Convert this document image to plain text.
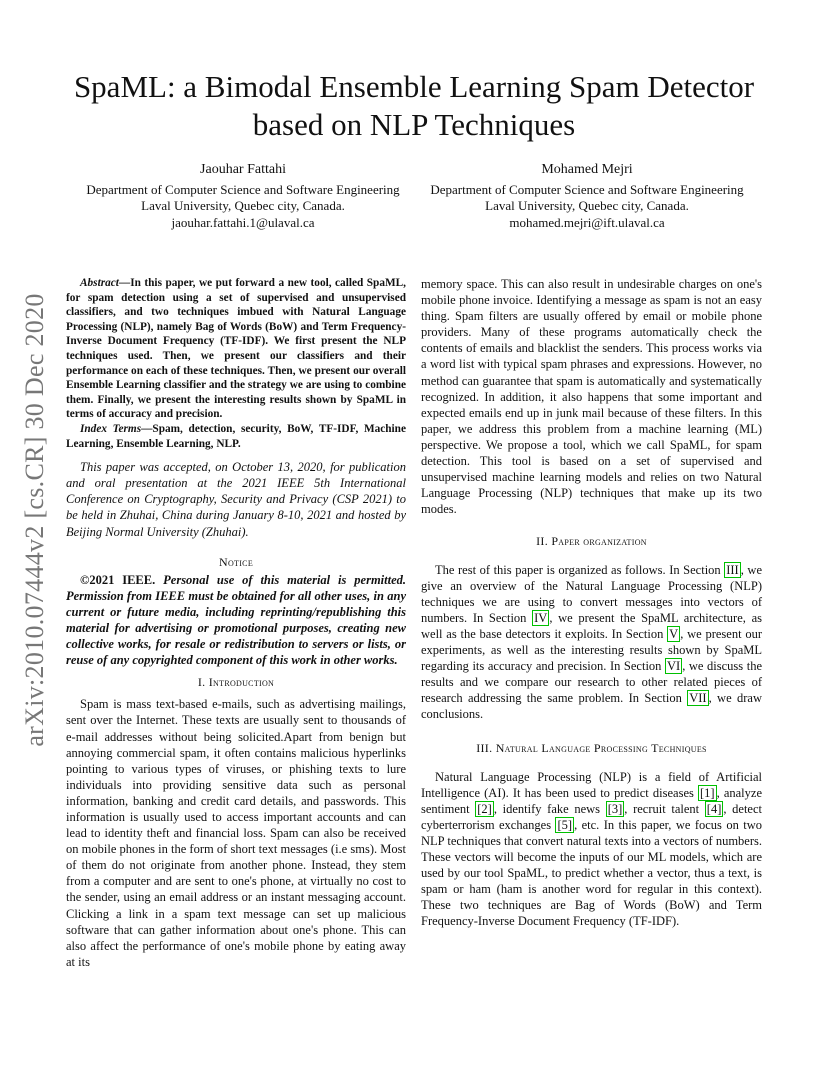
SpaML: a Bimodal Ensemble Learning Spam Detector based on NLP Techniques
Jaouhar Fattahi
Department of Computer Science and Software Engineering
Laval University, Quebec city, Canada.
jaouhar.fattahi.1@ulaval.ca
Mohamed Mejri
Department of Computer Science and Software Engineering
Laval University, Quebec city, Canada.
mohamed.mejri@ift.ulaval.ca
arXiv:2010.07444v2 [cs.CR] 30 Dec 2020

Abstract—In this paper, we put forward a new tool, called SpaML, for spam detection using a set of supervised and unsupervised classifiers, and two techniques imbued with Natural Language Processing (NLP), namely Bag of Words (BoW) and Term Frequency-Inverse Document Frequency (TF-IDF). We first present the NLP techniques used. Then, we present our classifiers and their performance on each of these techniques. Then, we present our overall Ensemble Learning classifier and the strategy we are using to combine them. Finally, we present the interesting results shown by SpaML in terms of accuracy and precision.

Index Terms—Spam, detection, security, BoW, TF-IDF, Machine Learning, Ensemble Learning, NLP.

This paper was accepted, on October 13, 2020, for publication and oral presentation at the 2021 IEEE 5th International Conference on Cryptography, Security and Privacy (CSP 2021) to be held in Zhuhai, China during January 8-10, 2021 and hosted by Beijing Normal University (Zhuhai).

Notice

©2021 IEEE. Personal use of this material is permitted. Permission from IEEE must be obtained for all other uses, in any current or future media, including reprinting/republishing this material for advertising or promotional purposes, creating new collective works, for resale or redistribution to servers or lists, or reuse of any copyrighted component of this work in other works.

I. Introduction

Spam is mass text-based e-mails, such as advertising mailings, sent over the Internet. These texts are usually sent to thousands of e-mail addresses without being solicited.Apart from benign but annoying commercial spam, it often contains malicious hyperlinks pointing to various types of viruses, or phishing texts to lure individuals into providing sensitive data such as personal information, banking and credit card details, and passwords. This information is usually used to access important accounts and can lead to identity theft and financial loss. Spam can also be received on mobile phones in the form of short text messages (i.e sms). Most of them do not originate from another phone. Instead, they stem from a computer and are sent to one's phone, at virtually no cost to the sender, using an email address or an instant messaging account. Clicking a link in a spam text message can set up malicious software that can gather information about one's phone. This can also affect the performance of one's mobile phone by eating away at its

memory space. This can also result in undesirable charges on one's mobile phone invoice. Identifying a message as spam is not an easy thing. Spam filters are usually offered by email or mobile phone providers. Many of these programs automatically check the contents of emails and blacklist the senders. This process works via a word list with typical spam phrases and expressions. However, no method can guarantee that spam is automatically and systematically recognized. In addition, it also happens that some important and expected emails end up in junk mail because of these filters. In this paper, we address this problem from a machine learning (ML) perspective. We propose a tool, which we call SpaML, for spam detection. This tool is based on a set of supervised and unsupervised machine learning models and relies on two Natural Language Processing (NLP) techniques that make up its two modes.

II. Paper organization

The rest of this paper is organized as follows. In Section III , we give an overview of the Natural Language Processing (NLP) techniques we are using to convert messages into vectors of numbers. In Section IV , we present the SpaML architecture, as well as the base detectors it exploits. In Section V , we present our experiments, as well as the interesting results shown by SpaML regarding its accuracy and precision. In Section VI , we discuss the results and we compare our research to other related pieces of research addressing the same problem. In Section VII , we draw conclusions.

III. Natural Language Processing Techniques

Natural Language Processing (NLP) is a field of Artificial Intelligence (AI). It has been used to predict diseases [1] , analyze sentiment [2] , identify fake news [3] , recruit talent [4] , detect cyberterrorism exchanges [5] , etc. In this paper, we focus on two NLP techniques that convert natural texts into a vectors of numbers. These vectors will become the inputs of our ML models, which are used by our tool SpaML, to predict whether a vector, thus a text, is spam or ham (ham is another word for regular in this context). These two techniques are Bag of Words (BoW) and Term Frequency-Inverse Document Frequency (TF-IDF).
